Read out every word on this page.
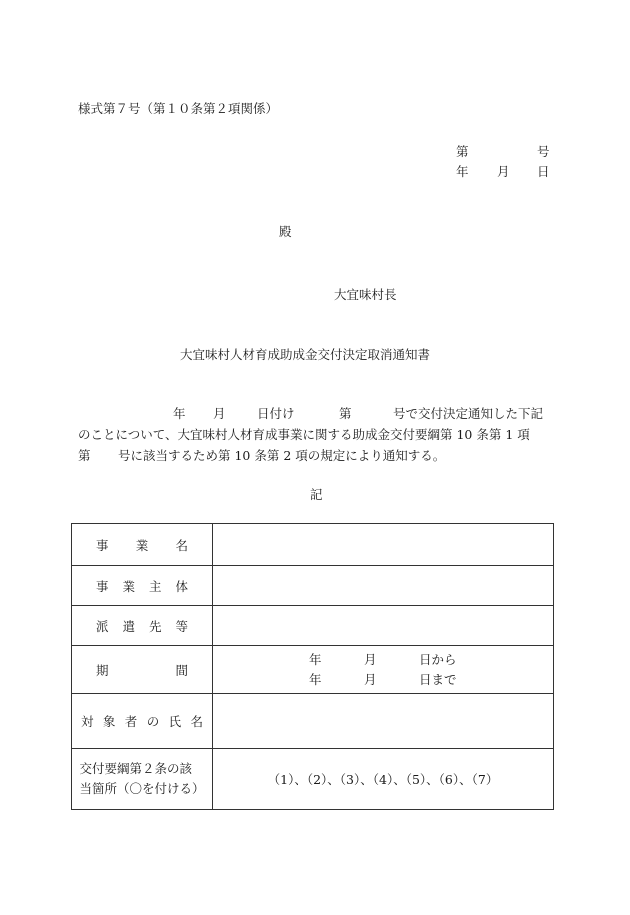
様式第７号（第１０条第２項関係）
第	号
年 月 日
殿
大宜味村長
大宜味村人材育成助成金交付決定取消通知書
年 月	日付け	第	号で交付決定通知した下記
のことについて、大宜味村人材育成事業に関する助成金交付要綱第 10 条第 1 項
第 号に該当するため第 10 条第 2 項の規定により通知する。
記
事 業 名	
事 業 主 体	
派 遣 先 等	
期 間	年 月 日から
年 月 日まで

対 象 者 の 氏 名	
交付要綱第２条の該
当箇所（〇を付ける）	（1）、（2）、（3）、（4）、（5）、（6）、（7）
